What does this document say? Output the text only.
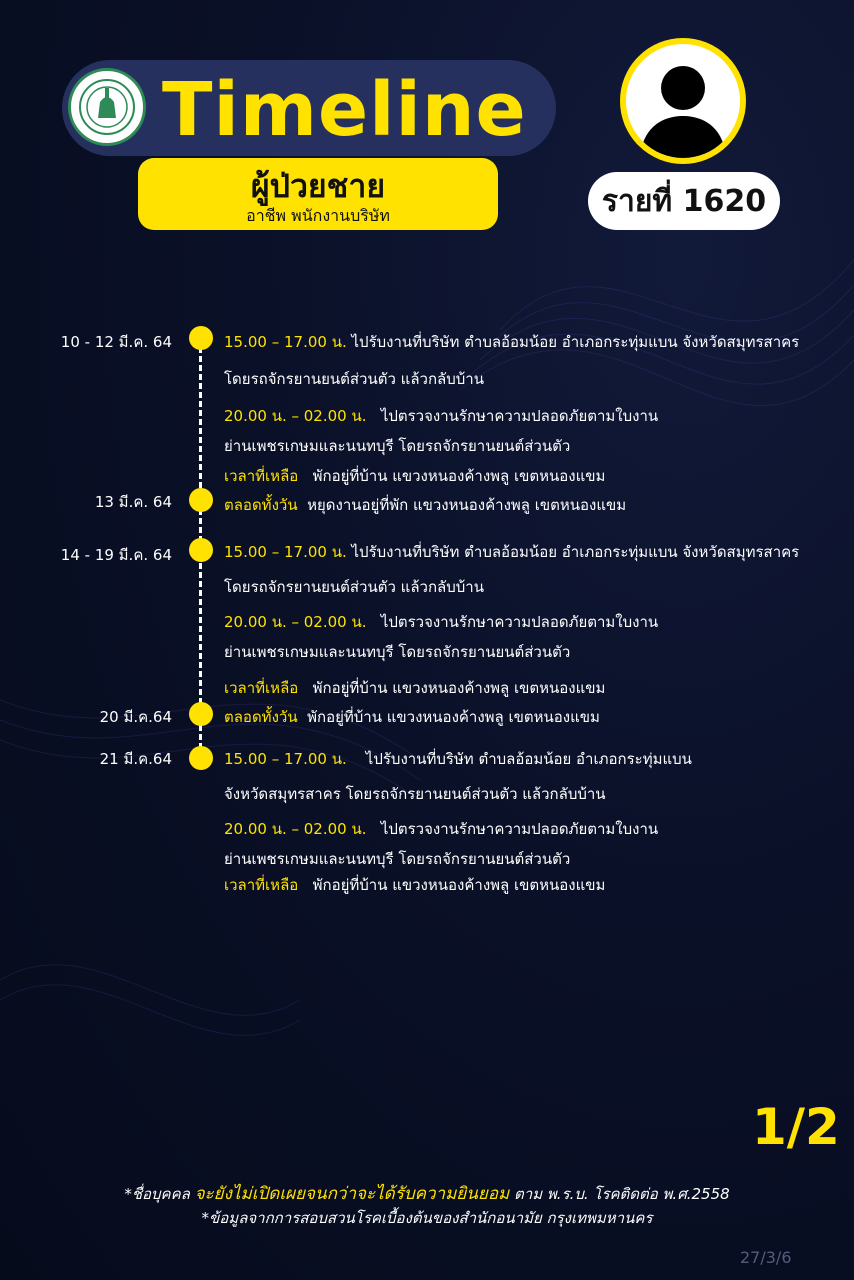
Timeline
ผู้ป่วยชาย
อาชีพ พนักงานบริษัท	รายที่ 1620
10 - 12 มี.ค. 64	15.00 – 17.00 น. ไปรับงานที่บริษัท ตำบลอ้อมน้อย อำเภอกระทุ่มแบน จังหวัดสมุทรสาคร
โดยรถจักรยานยนต์ส่วนตัว แล้วกลับบ้าน
20.00 น. – 02.00 น. ไปตรวจงานรักษาความปลอดภัยตามใบงาน
ย่านเพชรเกษมและนนทบุรี โดยรถจักรยานยนต์ส่วนตัว
เวลาที่เหลือ พักอยู่ที่บ้าน แขวงหนองค้างพลู เขตหนองแขม
13 มี.ค. 64	ตลอดทั้งวัน หยุดงานอยู่ที่พัก แขวงหนองค้างพลู เขตหนองแขม
14 - 19 มี.ค. 64	15.00 – 17.00 น. ไปรับงานที่บริษัท ตำบลอ้อมน้อย อำเภอกระทุ่มแบน จังหวัดสมุทรสาคร
โดยรถจักรยานยนต์ส่วนตัว แล้วกลับบ้าน
20.00 น. – 02.00 น. ไปตรวจงานรักษาความปลอดภัยตามใบงาน
ย่านเพชรเกษมและนนทบุรี โดยรถจักรยานยนต์ส่วนตัว
เวลาที่เหลือ พักอยู่ที่บ้าน แขวงหนองค้างพลู เขตหนองแขม
20 มี.ค.64	ตลอดทั้งวัน พักอยู่ที่บ้าน แขวงหนองค้างพลู เขตหนองแขม
21 มี.ค.64	15.00 – 17.00 น. ไปรับงานที่บริษัท ตำบลอ้อมน้อย อำเภอกระทุ่มแบน
จังหวัดสมุทรสาคร โดยรถจักรยานยนต์ส่วนตัว แล้วกลับบ้าน
20.00 น. – 02.00 น. ไปตรวจงานรักษาความปลอดภัยตามใบงาน
ย่านเพชรเกษมและนนทบุรี โดยรถจักรยานยนต์ส่วนตัว
เวลาที่เหลือ พักอยู่ที่บ้าน แขวงหนองค้างพลู เขตหนองแขม
1/2
*ชื่อบุคคล จะยังไม่เปิดเผยจนกว่าจะได้รับความยินยอม ตาม พ.ร.บ. โรคติดต่อ พ.ศ.2558
*ข้อมูลจากการสอบสวนโรคเบื้องต้นของสำนักอนามัย กรุงเทพมหานคร
27/3/6
